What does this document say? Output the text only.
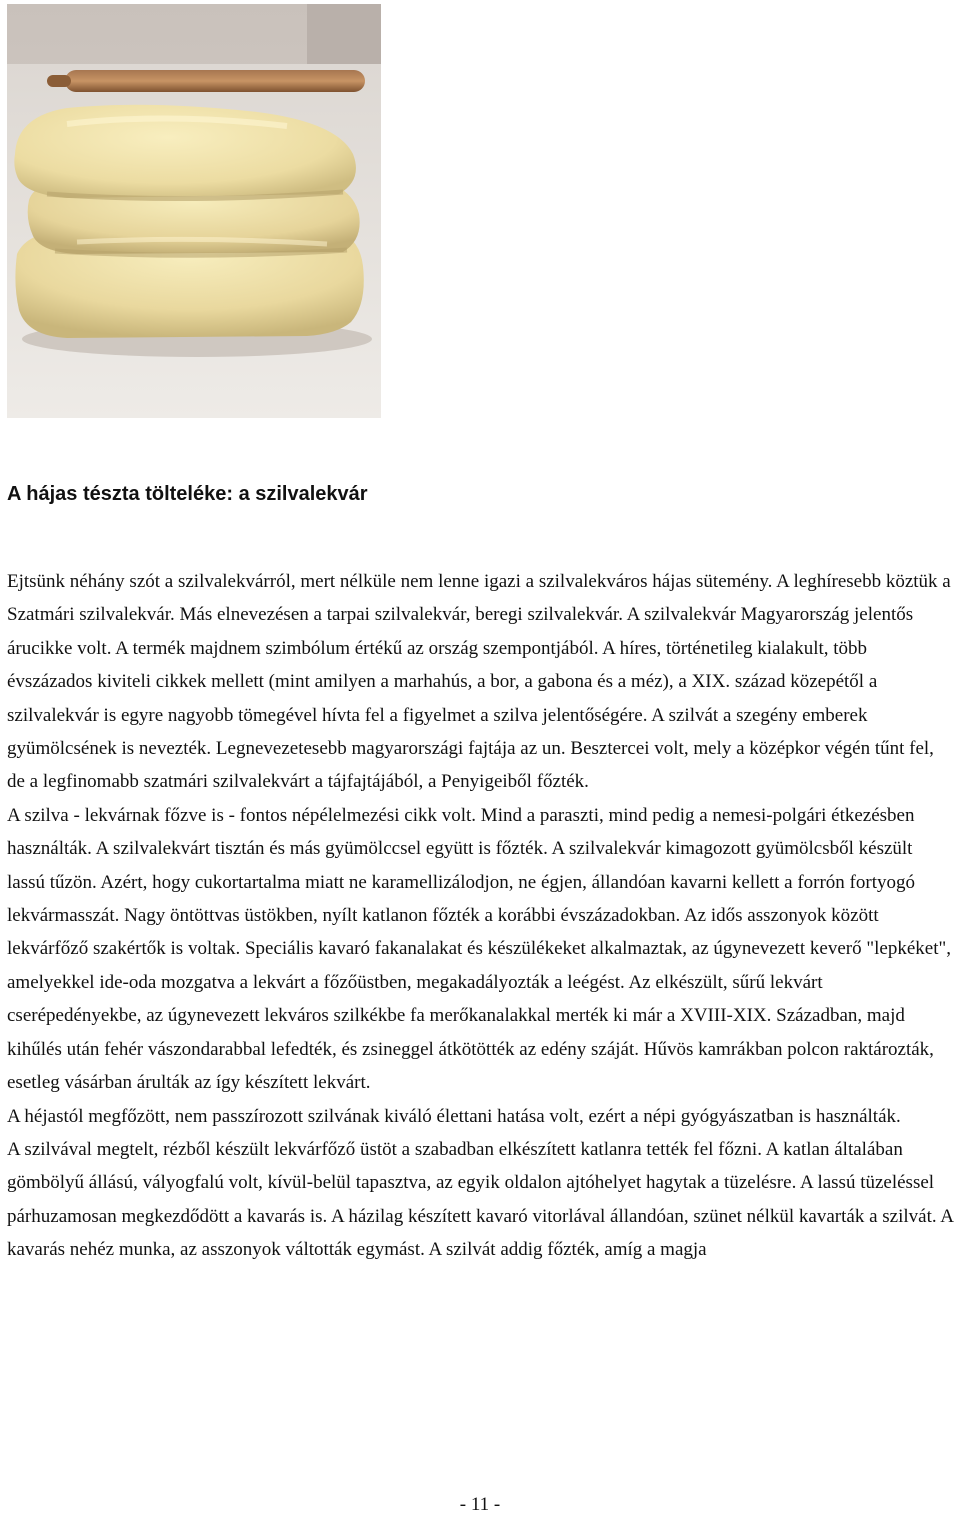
A hájas tészta tölteléke: a szilvalekvár
Ejtsünk néhány szót a szilvalekvárról, mert nélküle nem lenne igazi a szilvalekváros hájas sütemény. A leghíresebb köztük a Szatmári szilvalekvár. Más elnevezésen a tarpai szilvalekvár, beregi szilvalekvár. A szilvalekvár Magyarország jelentős árucikke volt. A termék majdnem szimbólum értékű az ország szempontjából. A híres, történetileg kialakult, több évszázados kiviteli cikkek mellett (mint amilyen a marhahús, a bor, a gabona és a méz), a XIX. század közepétől a szilvalekvár is egyre nagyobb tömegével hívta fel a figyelmet a szilva jelentőségére. A szilvát a szegény emberek gyümölcsének is nevezték. Legnevezetesebb magyarországi fajtája az un. Besztercei volt, mely a középkor végén tűnt fel, de a legfinomabb szatmári szilvalekvárt a tájfajtájából, a Penyigeiből főzték.
A szilva - lekvárnak főzve is - fontos népélelmezési cikk volt. Mind a paraszti, mind pedig a nemesi-polgári étkezésben használták. A szilvalekvárt tisztán és más gyümölccsel együtt is főzték. A szilvalekvár kimagozott gyümölcsből készült lassú tűzön. Azért, hogy cukortartalma miatt ne karamellizálodjon, ne égjen, állandóan kavarni kellett a forrón fortyogó lekvármasszát. Nagy öntöttvas üstökben, nyílt katlanon főzték a korábbi évszázadokban. Az idős asszonyok között lekvárfőző szakértők is voltak. Speciális kavaró fakanalakat és készülékeket alkalmaztak, az úgynevezett keverő "lepkéket", amelyekkel ide-oda mozgatva a lekvárt a főzőüstben, megakadályozták a leégést. Az elkészült, sűrű lekvárt cserépedényekbe, az úgynevezett lekváros szilkékbe fa merőkanalakkal merték ki már a XVIII-XIX. Században, majd kihűlés után fehér vászondarabbal lefedték, és zsineggel átkötötték az edény száját. Hűvös kamrákban polcon raktározták, esetleg vásárban árulták az így készített lekvárt.
A héjastól megfőzött, nem passzírozott szilvának kiváló élettani hatása volt, ezért a népi gyógyászatban is használták.
A szilvával megtelt, rézből készült lekvárfőző üstöt a szabadban elkészített katlanra tették fel főzni. A katlan általában gömbölyű állású, vályogfalú volt, kívül-belül tapasztva, az egyik oldalon ajtóhelyet hagytak a tüzelésre. A lassú tüzeléssel párhuzamosan megkezdődött a kavarás is. A házilag készített kavaró vitorlával állandóan, szünet nélkül kavarták a szilvát. A kavarás nehéz munka, az asszonyok váltották egymást. A szilvát addig főzték, amíg a magja
- 11 -
